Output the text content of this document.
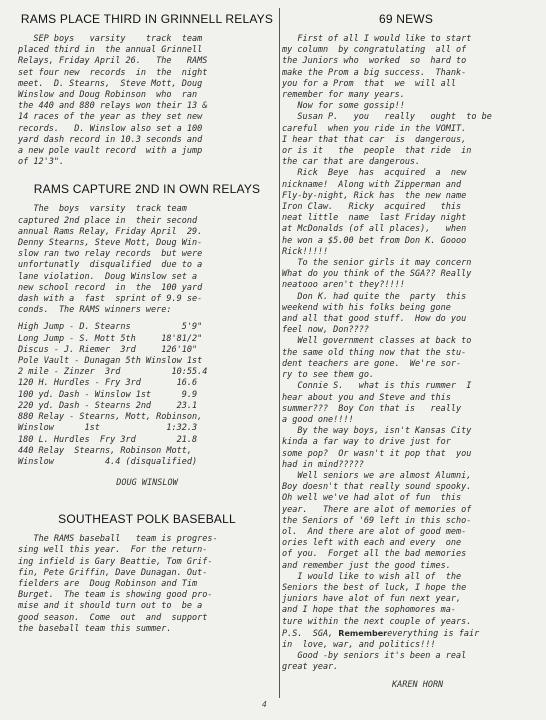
RAMS PLACE THIRD IN GRINNELL RELAYS

SEP boys   varsity    track  team
placed third in  the annual Grinnell
Relays, Friday April 26.   The   RAMS
set four new  records  in  the  night
meet.  D. Stearns,  Steve Mott, Doug
Winslow and Doug Robinson  who  ran
the 440 and 880 relays won their 13 &
14 races of the year as they set new
records.   D. Winslow also set a 100
yard dash record in 10.3 seconds and
a new pole vault record  with a jump
of 12'3".

RAMS CAPTURE 2ND IN OWN RELAYS

The  boys  varsity  track team
captured 2nd place in  their second
annual Rams Relay, Friday April  29.
Denny Stearns, Steve Mott, Doug Win-
slow ran two relay records  but were
unfortunatly  disqualified  due to a
lane violation.  Doug Winslow set a
new school record  in  the  100 yard
dash with a  fast  sprint of 9.9 se-
conds.  The RAMS winners were:

High Jump - D. Stearns          5'9"
Long Jump - S. Mott 5th     18'81/2"
Discus - J. Riemer  3rd     126'10"
Pole Vault - Dunagan 5th Winslow 1st
2 mile - Zinzer  3rd          10:55.4
120 H. Hurdles - Fry 3rd       16.6
100 yd. Dash - Winslow 1st      9.9
220 yd. Dash - Stearns 2nd     23.1
880 Relay - Stearns, Mott, Robinson,
Winslow      1st             1:32.3
180 L. Hurdles  Fry 3rd        21.8
440 Relay  Stearns, Robinson Mott,
Winslow          4.4 (disqualified)

DOUG WINSLOW
SOUTHEAST POLK BASEBALL

The RAMS baseball   team is progres-
sing well this year.  For the return-
ing infield is Gary Beattie, Tom Grif-
fin, Pete Griffin, Dave Dunagan. Out-
fielders are  Doug Robinson and Tim
Burget.  The team is showing good pro-
mise and it should turn out to  be a
good season.  Come  out  and  support
the baseball team this summer.

69 NEWS

First of all I would like to start
my column  by congratulating  all of
the Juniors who  worked  so  hard to
make the Prom a big success.  Thank-
you for a Prom  that  we  will all
remember for many years.
Now for some gossip!!
Susan P.   you   really   ought  to be
careful  when you ride in the VOMIT.
I hear that that car  is  dangerous,
or is it   the  people  that ride  in
the car that are dangerous.
Rick  Beye  has  acquired  a  new
nickname!  Along with Zipperman and
Fly-by-night, Rick has  the new name
Iron Claw.   Ricky  acquired   this
neat little  name  last Friday night
at McDonalds (of all places),   when
he won a $5.00 bet from Don K. Goooo
Rick!!!!!
To the senior girls it may concern
What do you think of the SGA?? Really
neatooo aren't they?!!!!
Don K. had quite the  party  this
weekend with his folks being gone
and all that good stuff.  How do you
feel now, Don????
Well government classes at back to
the same old thing now that the stu-
dent teachers are gone.  We're sor-
ry to see them go.
Connie S.   what is this rummer  I
hear about you and Steve and this
summer???  Boy Con that is   really
a good one!!!!
By the way boys, isn't Kansas City
kinda a far way to drive just for
some pop?  Or wasn't it pop that  you
had in mind?????
Well seniors we are almost Alumni,
Boy doesn't that really sound spooky.
Oh well we've had alot of fun  this
year.   There are alot of memories of
the Seniors of '69 left in this scho-
ol.  And there are alot of good mem-
ories left with each and every  one
of you.  Forget all the bad memories
and remember just the good times.
I would like to wish all of  the
Seniors the best of luck, I hope the
juniors have alot of fun next year,
and I hope that the sophomores ma-
ture within the next couple of years.
P.S.  SGA, Remembereverything is fair
in  love, war, and politics!!!
Good -by seniors it's been a real
great year.

KAREN HORN
4
